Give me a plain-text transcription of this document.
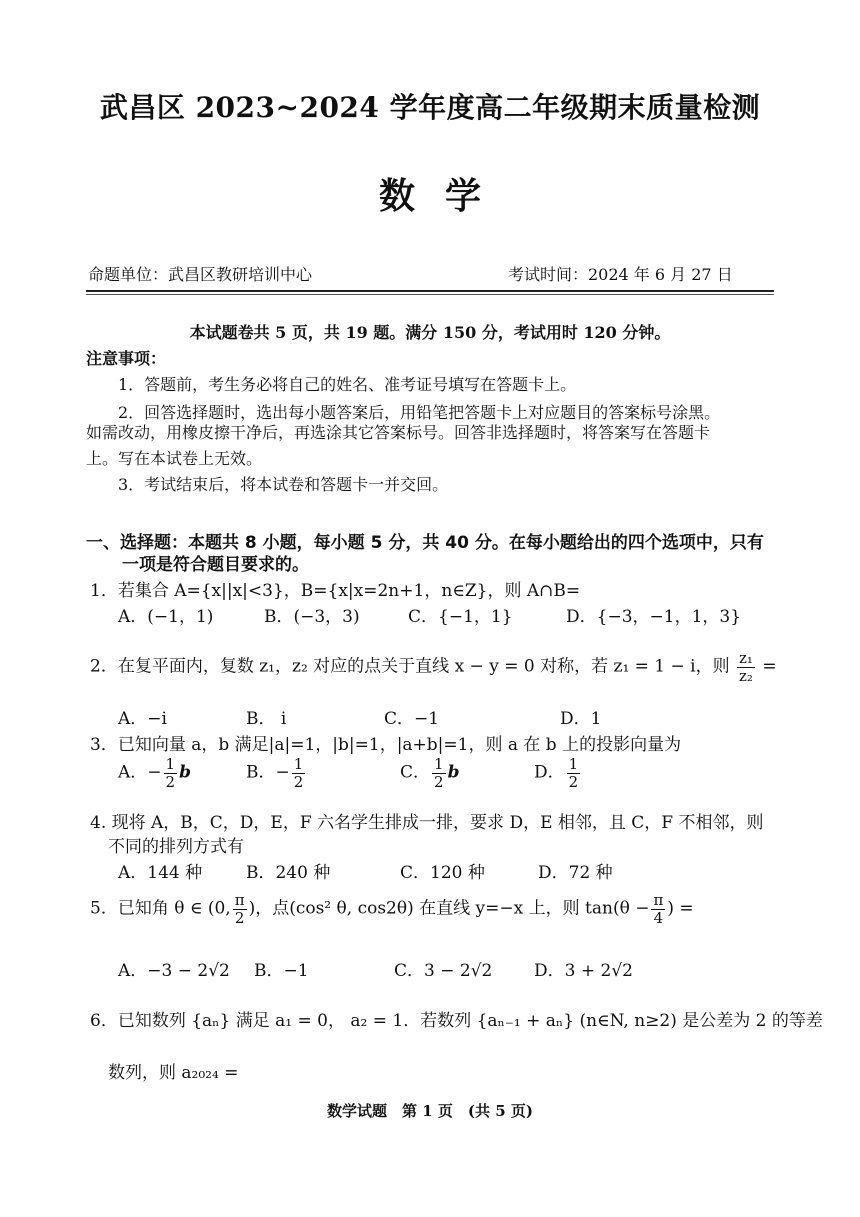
武昌区 2023~2024 学年度高二年级期末质量检测
数学
命题单位：武昌区教研培训中心	考试时间：2024 年 6 月 27 日
本试题卷共 5 页，共 19 题。满分 150 分，考试用时 120 分钟。
注意事项：
1．答题前，考生务必将自己的姓名、准考证号填写在答题卡上。
2．回答选择题时，选出每小题答案后，用铅笔把答题卡上对应题目的答案标号涂黑。
如需改动，用橡皮擦干净后，再选涂其它答案标号。回答非选择题时，将答案写在答题卡
上。写在本试卷上无效。
3．考试结束后，将本试卷和答题卡一并交回。
一、选择题：本题共 8 小题，每小题 5 分，共 40 分。在每小题给出的四个选项中，只有
一项是符合题目要求的。
1．若集合 A={x||x|<3}，B={x|x=2n+1，n∈Z}，则 A∩B=
A．(−1，1)	B．(−3，3)	C．{−1，1}	D．{−3，−1，1，3}
2．在复平面内，复数 z₁，z₂ 对应的点关于直线 x − y = 0 对称，若 z₁ = 1 − i，则 $\frac{\text{z₁}}{\text{z₂}}$ =
A．−i	B． i	C．−1	D．1
3．已知向量 a，b 满足|a|=1，|b|=1，|a+b|=1，则 a 在 b 上的投影向量为
A．− $\frac{1}{2}$ b	B．− $\frac{1}{2}$	C． $\frac{1}{2}$ b	D． $\frac{1}{2}$
4. 现将 A，B，C，D，E，F 六名学生排成一排，要求 D，E 相邻，且 C，F 不相邻，则
不同的排列方式有
A．144 种	B．240 种	C．120 种	D．72 种
5．已知角 θ ∈ (0, $\frac{\pi}{2}$ )，点(cos² θ, cos2θ) 在直线 y=−x 上，则 $\tan(\theta - \frac{\pi}{4}$ ) =
A．−3 − 2√2 B．−1	C．3 − 2√2 D．3 + 2√2
6．已知数列 {aₙ} 满足 a₁ = 0， a₂ = 1．若数列 {aₙ₋₁ + aₙ} (n∈N, n≥2) 是公差为 2 的等差
数列，则 a₂₀₂₄ =
数学试题　第 1 页　(共 5 页)
